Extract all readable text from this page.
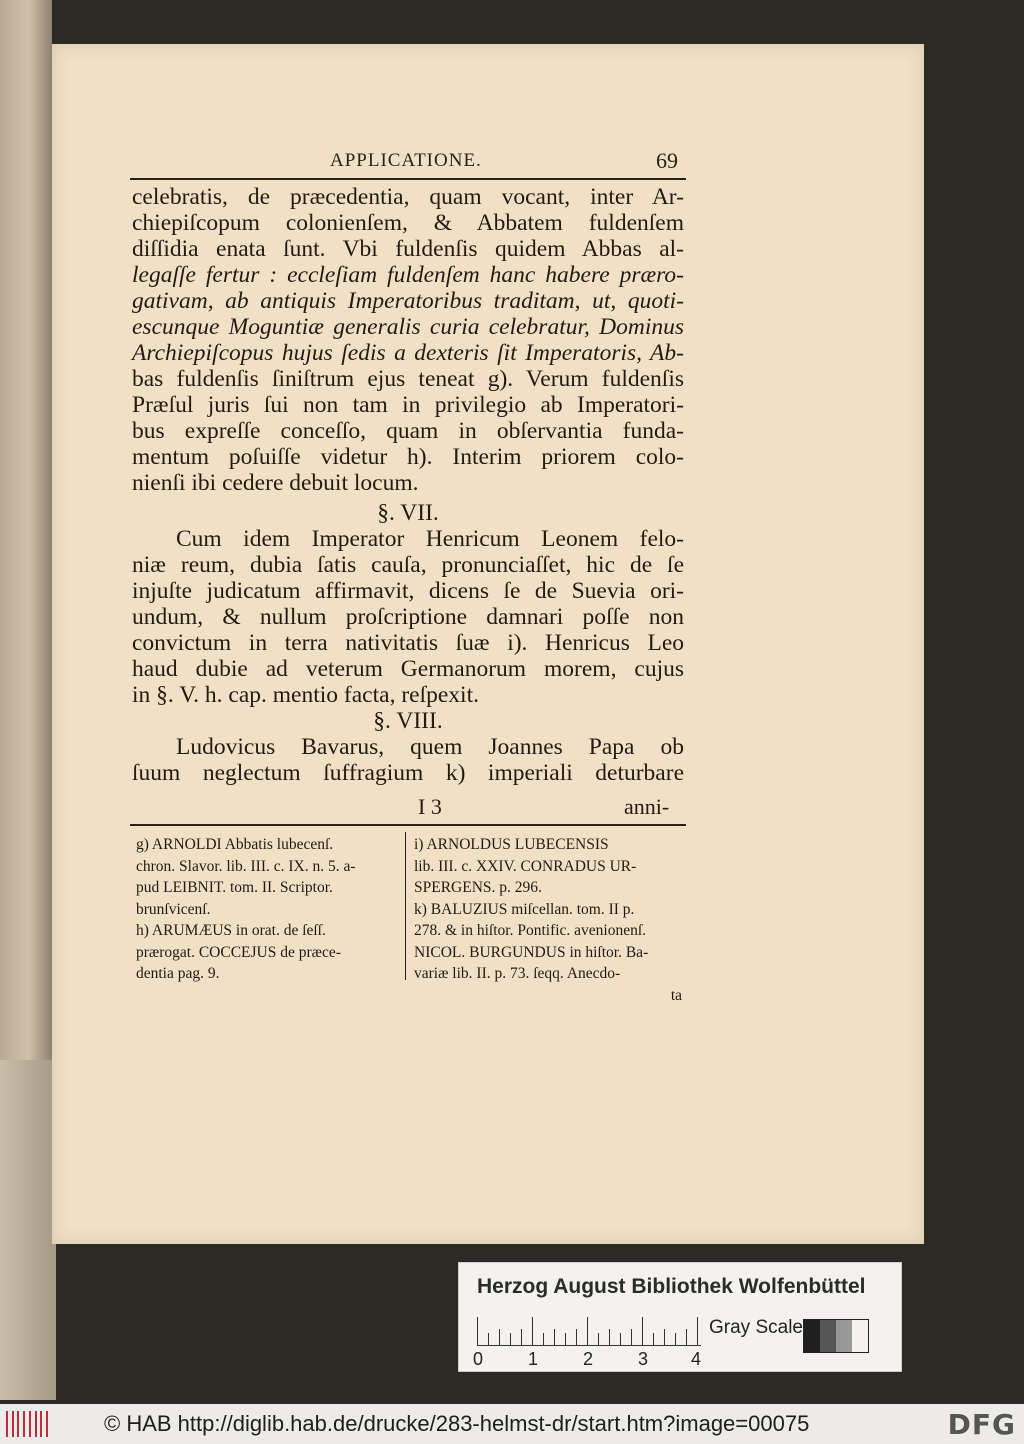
APPLICATIONE.	69
celebratis, de præcedentia, quam vocant, inter Ar-
chiepiſcopum colonienſem, & Abbatem fuldenſem
diſſidia enata ſunt. Vbi fuldenſis quidem Abbas al-
legaſſe fertur : eccleſiam fuldenſem hanc habere prӕro-
gativam, ab antiquis Imperatoribus traditam, ut, quoti-
escunque Moguntiæ generalis curia celebratur, Dominus
Archiepiſcopus hujus ſedis a dexteris ſit Imperatoris, Ab-
bas fuldenſis ſiniſtrum ejus teneat g). Verum fuldenſis
Præſul juris ſui non tam in privilegio ab Imperatori-
bus expreſſe conceſſo, quam in obſervantia funda-
mentum poſuiſſe videtur h). Interim priorem colo-
nienſi ibi cedere debuit locum.
§. VII.
Cum idem Imperator Henricum Leonem felo-
niæ reum, dubia ſatis cauſa, pronunciaſſet, hic de ſe
injuſte judicatum affirmavit, dicens ſe de Suevia ori-
undum, & nullum proſcriptione damnari poſſe non
convictum in terra nativitatis ſuæ i). Henricus Leo
haud dubie ad veterum Germanorum morem, cujus
in §. V. h. cap. mentio facta, reſpexit.
§. VIII.
Ludovicus Bavarus, quem Joannes Papa ob
ſuum neglectum ſuffragium k) imperiali deturbare
I 3	anni-
g) ARNOLDI Abbatis lubecenſ.
chron. Slavor. lib. III. c. IX. n. 5. a-
pud LEIBNIT. tom. II. Scriptor.
brunſvicenſ.
h) ARUMÆUS in orat. de ſeſſ.
prӕrogat. COCCEJUS de prӕce-
dentia pag. 9.
i) ARNOLDUS LUBECENSIS
lib. III. c. XXIV. CONRADUS UR-
SPERGENS. p. 296.
k) BALUZIUS miſcellan. tom. II p.
278. & in hiſtor. Pontific. avenionenſ.
NICOL. BURGUNDUS in hiſtor. Ba-
variæ lib. II. p. 73. ſeqq. Anecdo-
ta
Herzog August Bibliothek Wolfenbüttel
0 1 2 3 4
Gray Scale
© HAB http://diglib.hab.de/drucke/283-helmst-dr/start.htm?image=00075	DFG
